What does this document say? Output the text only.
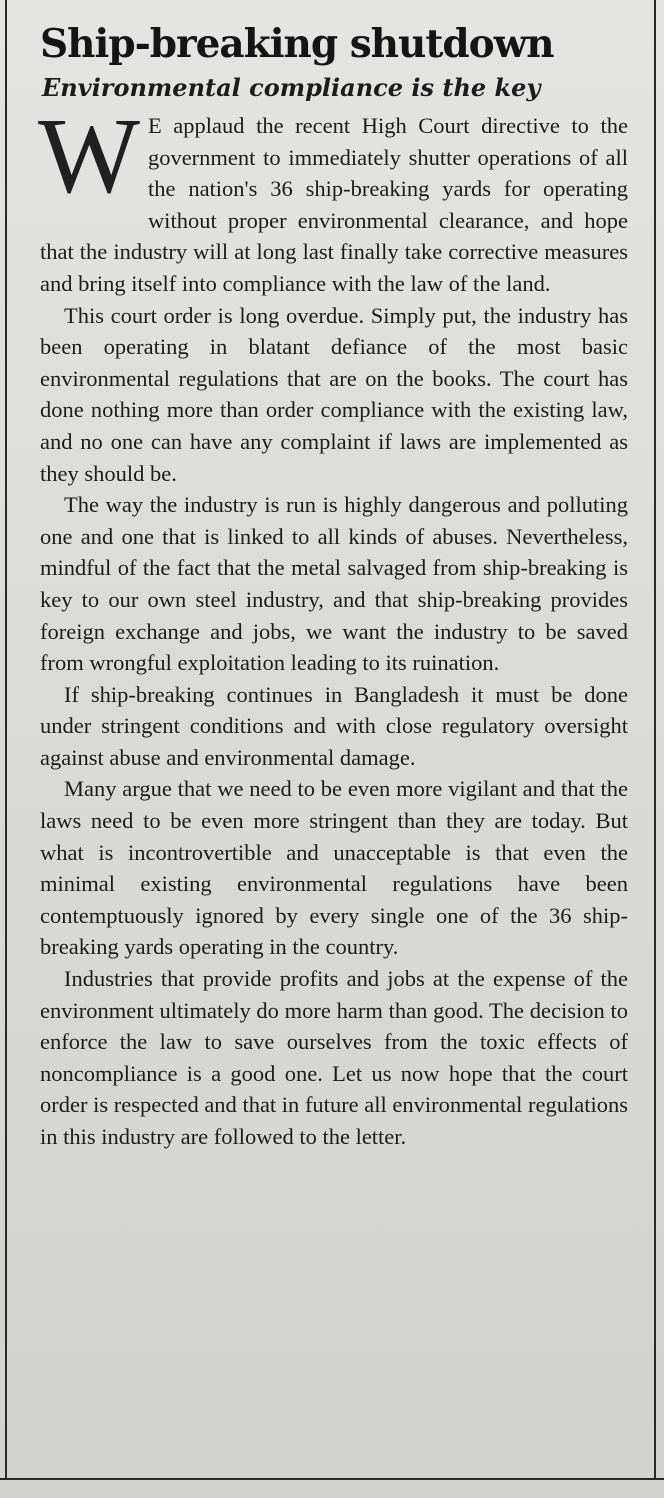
Ship-breaking shutdown
Environmental compliance is the key

W E applaud the recent High Court directive to the government to immediately shutter operations of all the nation's 36 ship-breaking yards for operating without proper environmental clearance, and hope that the industry will at long last finally take corrective measures and bring itself into compliance with the law of the land.

This court order is long overdue. Simply put, the industry has been operating in blatant defiance of the most basic environmental regulations that are on the books. The court has done nothing more than order compliance with the existing law, and no one can have any complaint if laws are implemented as they should be.

The way the industry is run is highly dangerous and polluting one and one that is linked to all kinds of abuses. Nevertheless, mindful of the fact that the metal salvaged from ship-breaking is key to our own steel industry, and that ship-breaking provides foreign exchange and jobs, we want the industry to be saved from wrongful exploitation leading to its ruination.

If ship-breaking continues in Bangladesh it must be done under stringent conditions and with close regulatory oversight against abuse and environmental damage.

Many argue that we need to be even more vigilant and that the laws need to be even more stringent than they are today. But what is incontrovertible and unacceptable is that even the minimal existing environmental regulations have been contemptuously ignored by every single one of the 36 ship-breaking yards operating in the country.

Industries that provide profits and jobs at the expense of the environment ultimately do more harm than good. The decision to enforce the law to save ourselves from the toxic effects of noncompliance is a good one. Let us now hope that the court order is respected and that in future all environmental regulations in this industry are followed to the letter.
